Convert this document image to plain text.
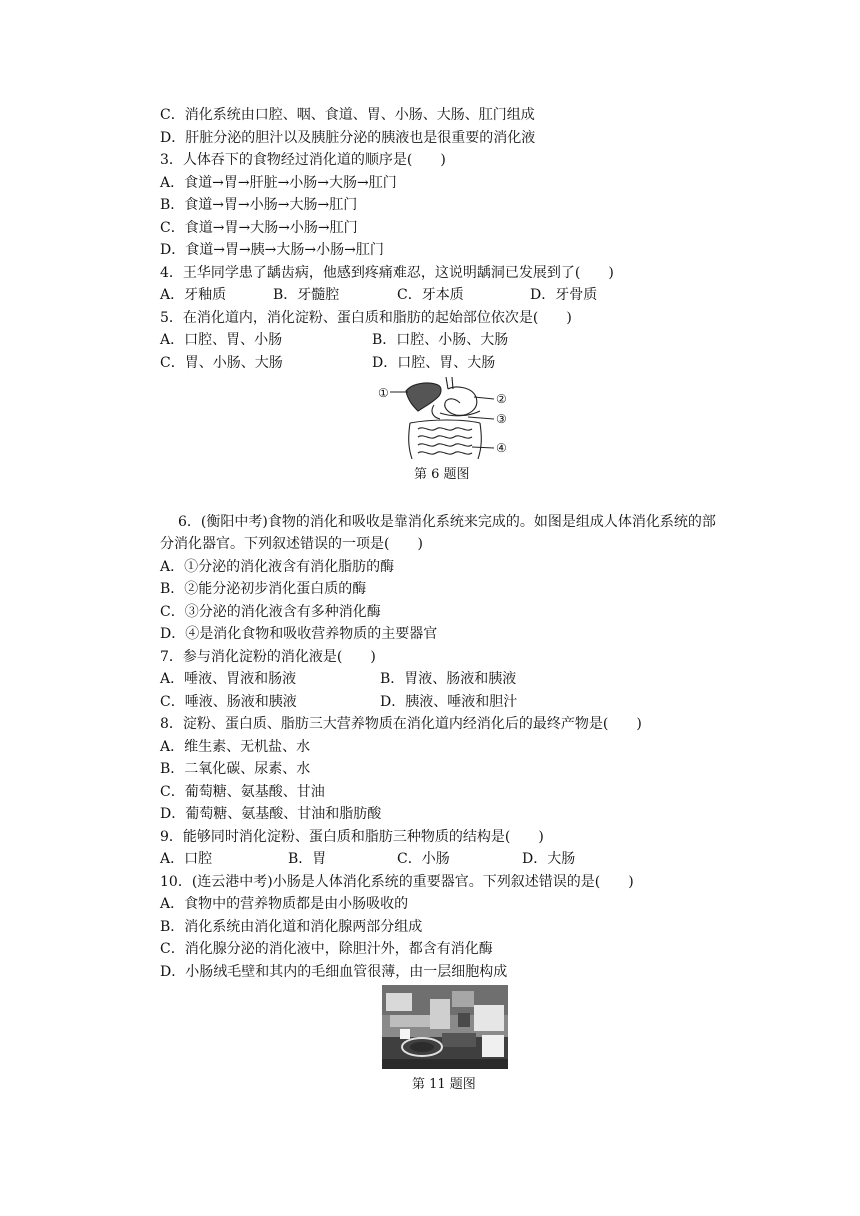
C．消化系统由口腔、咽、食道、胃、小肠、大肠、肛门组成
D．肝脏分泌的胆汁以及胰脏分泌的胰液也是很重要的消化液
3．人体吞下的食物经过消化道的顺序是(　　)
A．食道→胃→肝脏→小肠→大肠→肛门
B．食道→胃→小肠→大肠→肛门
C．食道→胃→大肠→小肠→肛门
D．食道→胃→胰→大肠→小肠→肛门
4．王华同学患了龋齿病，他感到疼痛难忍，这说明龋洞已发展到了(　　)
A．牙釉质	B．牙髓腔	C．牙本质	D．牙骨质
5．在消化道内，消化淀粉、蛋白质和脂肪的起始部位依次是(　　)
A．口腔、胃、小肠	B．口腔、小肠、大肠
C．胃、小肠、大肠	D．口腔、胃、大肠
①	②
③
④
第 6 题图
6．(衡阳中考)食物的消化和吸收是靠消化系统来完成的。如图是组成人体消化系统的部
分消化器官。下列叙述错误的一项是(　　)
A．①分泌的消化液含有消化脂肪的酶
B．②能分泌初步消化蛋白质的酶
C．③分泌的消化液含有多种消化酶
D．④是消化食物和吸收营养物质的主要器官
7．参与消化淀粉的消化液是(　　)
A．唾液、胃液和肠液	B．胃液、肠液和胰液
C．唾液、肠液和胰液	D．胰液、唾液和胆汁
8．淀粉、蛋白质、脂肪三大营养物质在消化道内经消化后的最终产物是(　　)
A．维生素、无机盐、水
B．二氧化碳、尿素、水
C．葡萄糖、氨基酸、甘油
D．葡萄糖、氨基酸、甘油和脂肪酸
9．能够同时消化淀粉、蛋白质和脂肪三种物质的结构是(　　)
A．口腔	B．胃	C．小肠	D．大肠
10．(连云港中考)小肠是人体消化系统的重要器官。下列叙述错误的是(　　)
A．食物中的营养物质都是由小肠吸收的
B．消化系统由消化道和消化腺两部分组成
C．消化腺分泌的消化液中，除胆汁外，都含有消化酶
D．小肠绒毛壁和其内的毛细血管很薄，由一层细胞构成
第 11 题图
